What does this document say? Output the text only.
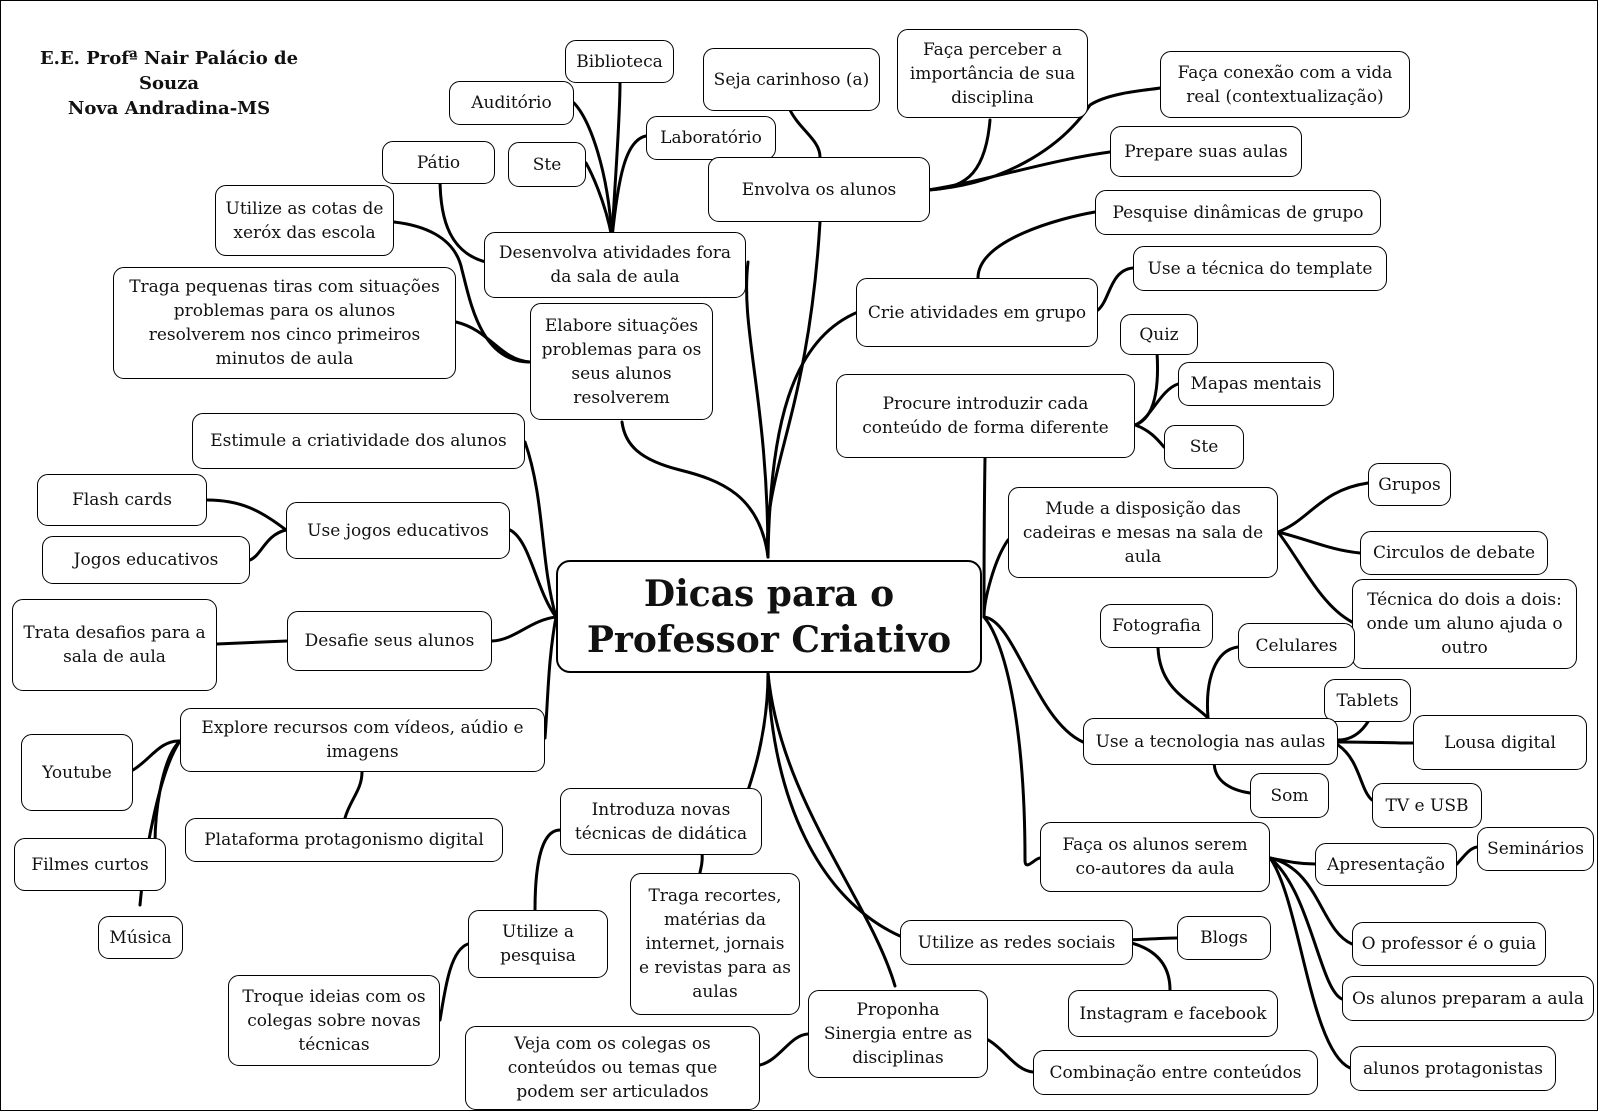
E.E. Profª Nair Palácio de Souza
Nova Andradina-MS
Dicas para o
Professor Criativo
Biblioteca
Auditório
Laboratório
Ste
Pátio
Utilize as cotas de
xeróx das escola
Desenvolva atividades fora
da sala de aula
Traga pequenas tiras com situações
problemas para os alunos
resolverem nos cinco primeiros
minutos de aula
Elabore situações
problemas para os
seus alunos
resolverem
Seja carinhoso (a)
Faça perceber a
importância de sua
disciplina
Faça conexão com a vida
real (contextualização)
Prepare suas aulas
Envolva os alunos
Pesquise dinâmicas de grupo
Use a técnica do template
Crie atividades em grupo
Quiz
Mapas mentais
Ste
Procure introduzir cada
conteúdo de forma diferente
Estimule a criatividade dos alunos
Flash cards
Jogos educativos
Use jogos educativos
Trata desafios para a
sala de aula
Desafie seus alunos
Explore recursos com vídeos, aúdio e
imagens
Youtube
Filmes curtos
Música
Plataforma protagonismo digital
Mude a disposição das
cadeiras e mesas na sala de
aula
Grupos
Circulos de debate
Técnica do dois a dois:
onde um aluno ajuda o
outro
Fotografia
Celulares
Tablets
Lousa digital
Use a tecnologia nas aulas
Som	TV e USB
Faça os alunos serem
co-autores da aula	Apresentação
Seminários
O professor é o guia
Os alunos preparam a aula
alunos protagonistas
Introduza novas
técnicas de didática
Traga recortes,
matérias da
internet, jornais
e revistas para as
aulas
Utilize a
pesquisa
Troque ideias com os
colegas sobre novas
técnicas	Veja com os colegas os
conteúdos ou temas que
podem ser articulados
Proponha
Sinergia entre as
disciplinas
Utilize as redes sociais	Blogs
Instagram e facebook
Combinação entre conteúdos
